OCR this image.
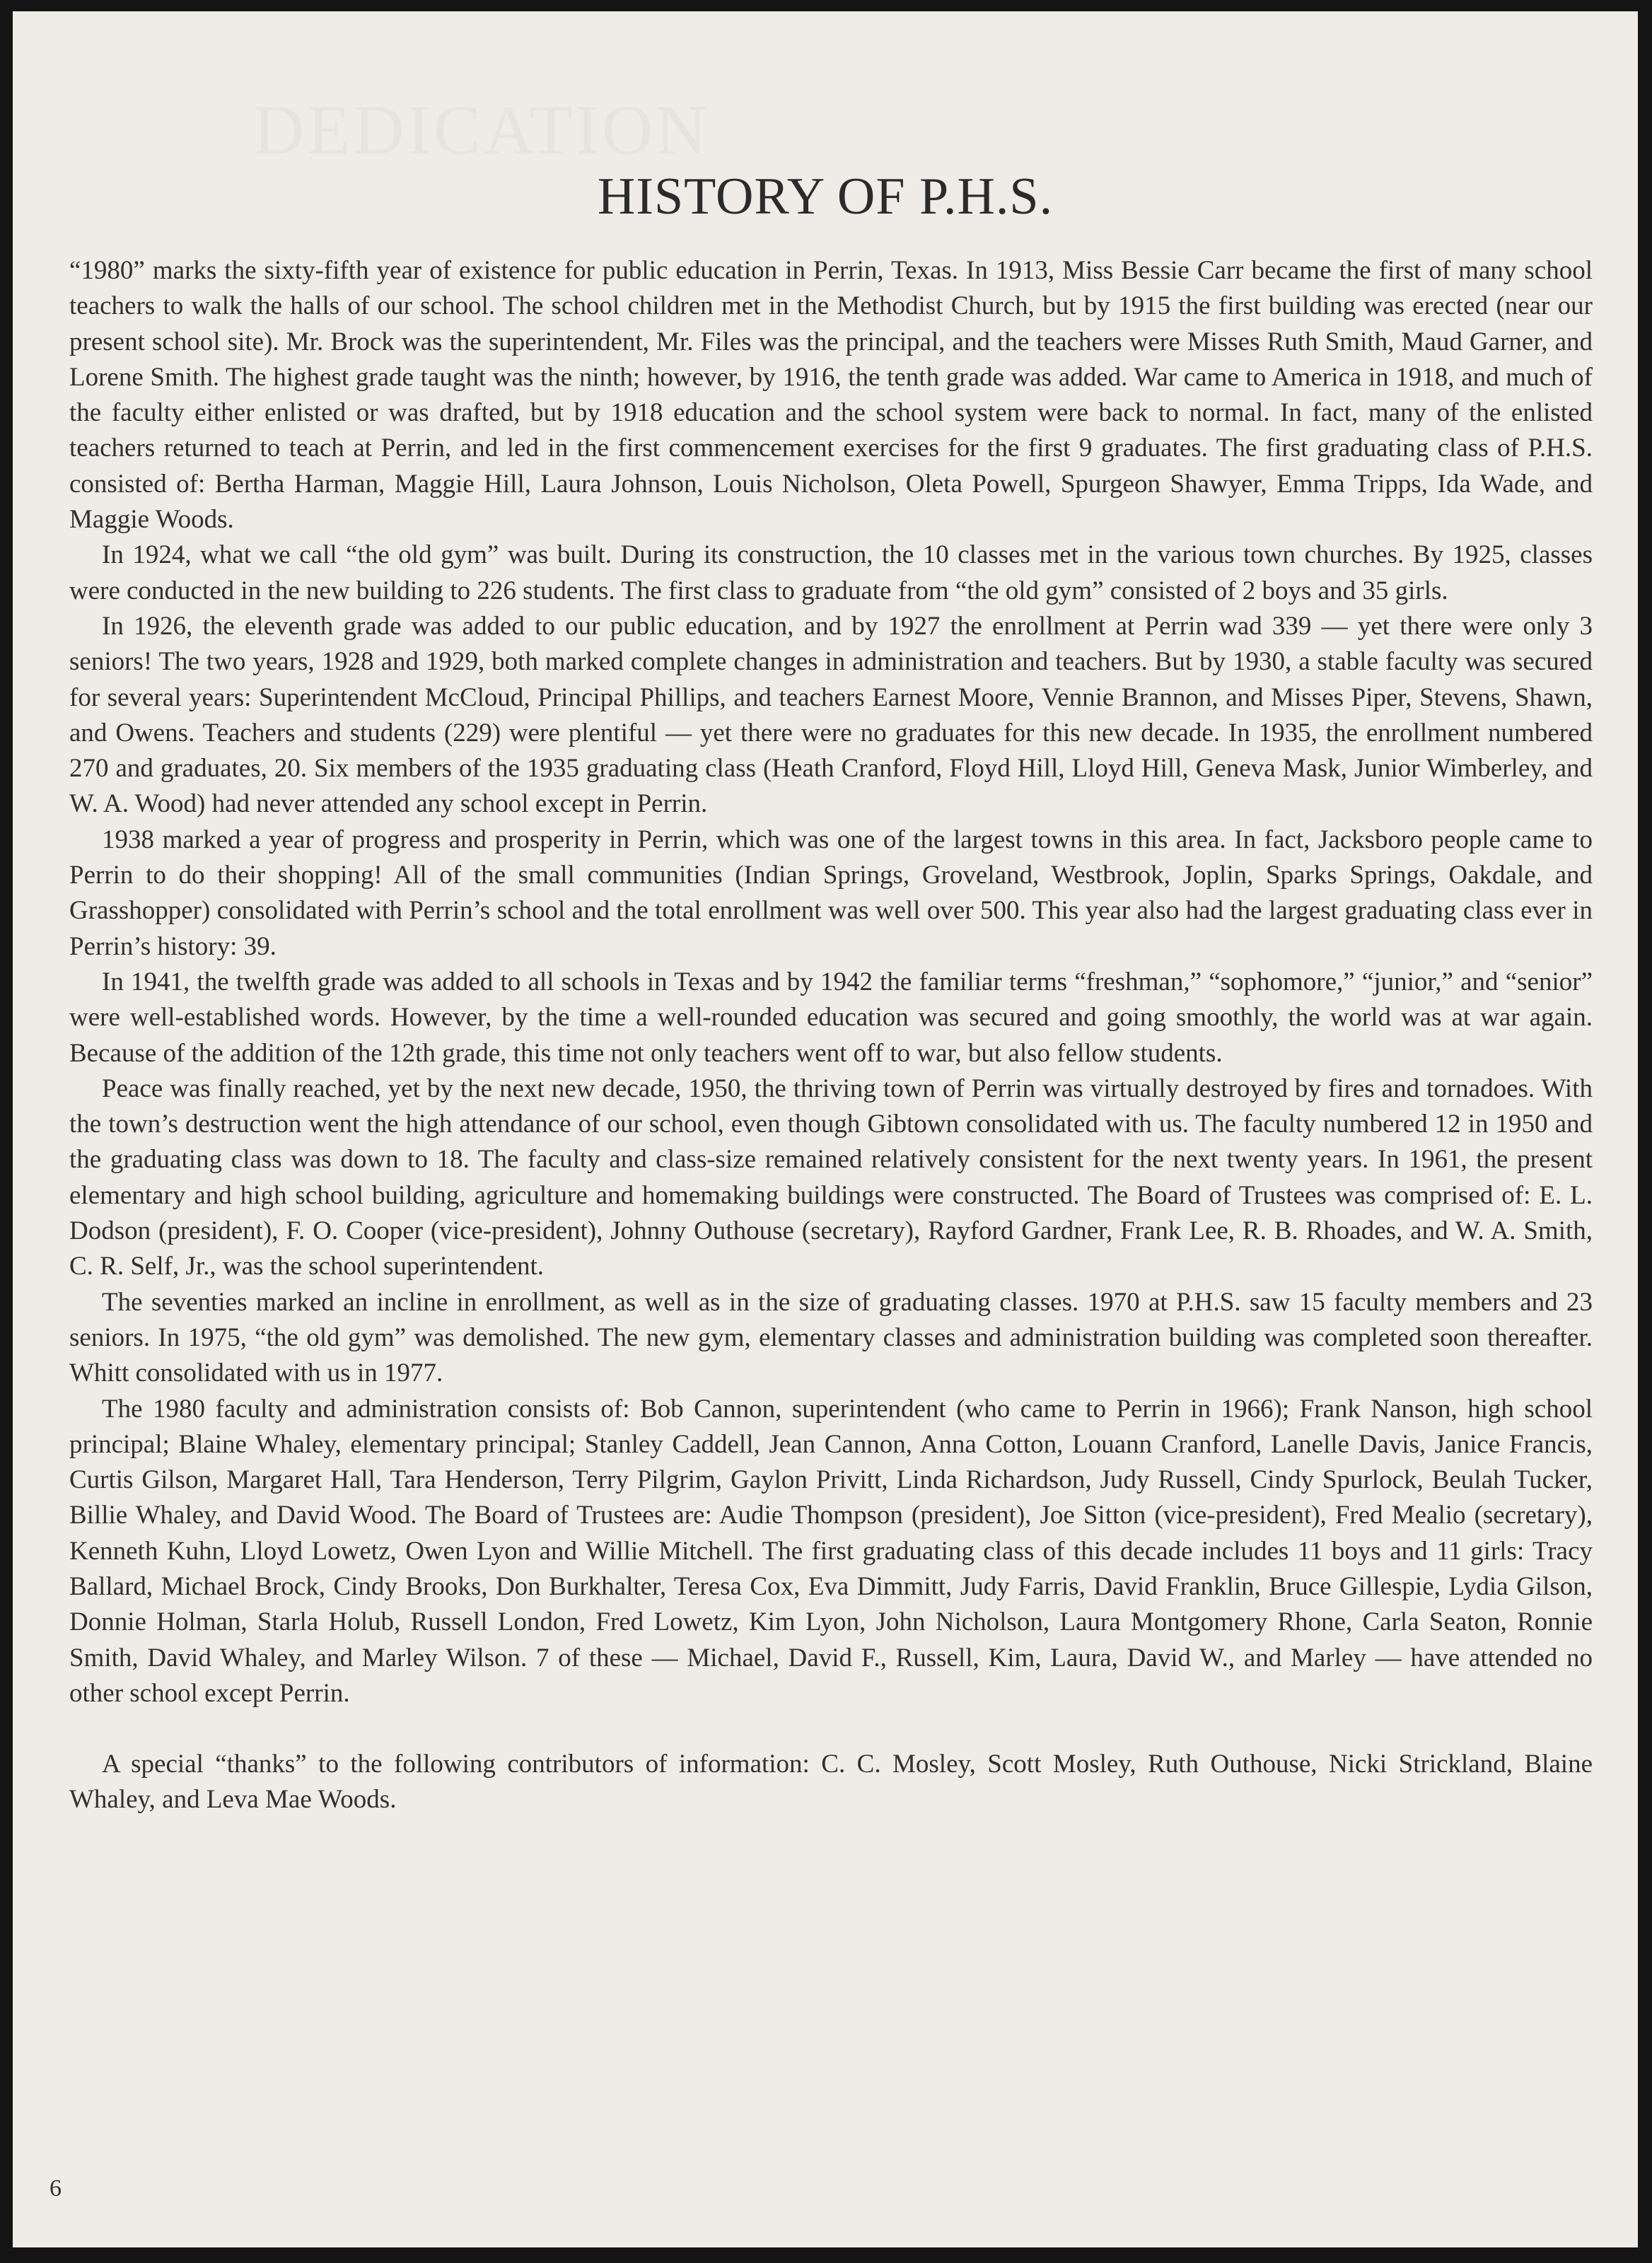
DEDICATION
HISTORY OF P.H.S.

“1980” marks the sixty-fifth year of existence for public education in Perrin, Texas. In 1913, Miss Bessie Carr became the first of many school teachers to walk the halls of our school. The school children met in the Methodist Church, but by 1915 the first building was erected (near our present school site). Mr. Brock was the superintendent, Mr. Files was the principal, and the teachers were Misses Ruth Smith, Maud Garner, and Lorene Smith. The highest grade taught was the ninth; however, by 1916, the tenth grade was added. War came to America in 1918, and much of the faculty either enlisted or was drafted, but by 1918 education and the school system were back to normal. In fact, many of the enlisted teachers returned to teach at Perrin, and led in the first commencement exercises for the first 9 graduates. The first graduating class of P.H.S. consisted of: Bertha Harman, Maggie Hill, Laura Johnson, Louis Nicholson, Oleta Powell, Spurgeon Shawyer, Emma Tripps, Ida Wade, and Maggie Woods.

In 1924, what we call “the old gym” was built. During its construction, the 10 classes met in the various town churches. By 1925, classes were conducted in the new building to 226 students. The first class to graduate from “the old gym” consisted of 2 boys and 35 girls.

In 1926, the eleventh grade was added to our public education, and by 1927 the enrollment at Perrin wad 339 — yet there were only 3 seniors! The two years, 1928 and 1929, both marked complete changes in administration and teachers. But by 1930, a stable faculty was secured for several years: Superintendent McCloud, Principal Phillips, and teachers Earnest Moore, Vennie Brannon, and Misses Piper, Stevens, Shawn, and Owens. Teachers and students (229) were plentiful — yet there were no graduates for this new decade. In 1935, the enrollment numbered 270 and graduates, 20. Six members of the 1935 graduating class (Heath Cranford, Floyd Hill, Lloyd Hill, Geneva Mask, Junior Wimberley, and W. A. Wood) had never attended any school except in Perrin.

1938 marked a year of progress and prosperity in Perrin, which was one of the largest towns in this area. In fact, Jacksboro people came to Perrin to do their shopping! All of the small communities (Indian Springs, Groveland, Westbrook, Joplin, Sparks Springs, Oakdale, and Grasshopper) consolidated with Perrin’s school and the total enrollment was well over 500. This year also had the largest graduating class ever in Perrin’s history: 39.

In 1941, the twelfth grade was added to all schools in Texas and by 1942 the familiar terms “freshman,” “sophomore,” “junior,” and “senior” were well-established words. However, by the time a well-rounded education was secured and going smoothly, the world was at war again. Because of the addition of the 12th grade, this time not only teachers went off to war, but also fellow students.

Peace was finally reached, yet by the next new decade, 1950, the thriving town of Perrin was virtually destroyed by fires and tornadoes. With the town’s destruction went the high attendance of our school, even though Gibtown consolidated with us. The faculty numbered 12 in 1950 and the graduating class was down to 18. The faculty and class-size remained relatively consistent for the next twenty years. In 1961, the present elementary and high school building, agriculture and homemaking buildings were constructed. The Board of Trustees was comprised of: E. L. Dodson (president), F. O. Cooper (vice-president), Johnny Outhouse (secretary), Rayford Gardner, Frank Lee, R. B. Rhoades, and W. A. Smith, C. R. Self, Jr., was the school superintendent.

The seventies marked an incline in enrollment, as well as in the size of graduating classes. 1970 at P.H.S. saw 15 faculty members and 23 seniors. In 1975, “the old gym” was demolished. The new gym, elementary classes and administration building was completed soon thereafter. Whitt consolidated with us in 1977.

The 1980 faculty and administration consists of: Bob Cannon, superintendent (who came to Perrin in 1966); Frank Nanson, high school principal; Blaine Whaley, elementary principal; Stanley Caddell, Jean Cannon, Anna Cotton, Louann Cranford, Lanelle Davis, Janice Francis, Curtis Gilson, Margaret Hall, Tara Henderson, Terry Pilgrim, Gaylon Privitt, Linda Richardson, Judy Russell, Cindy Spurlock, Beulah Tucker, Billie Whaley, and David Wood. The Board of Trustees are: Audie Thompson (president), Joe Sitton (vice-president), Fred Mealio (secretary), Kenneth Kuhn, Lloyd Lowetz, Owen Lyon and Willie Mitchell. The first graduating class of this decade includes 11 boys and 11 girls: Tracy Ballard, Michael Brock, Cindy Brooks, Don Burkhalter, Teresa Cox, Eva Dimmitt, Judy Farris, David Franklin, Bruce Gillespie, Lydia Gilson, Donnie Holman, Starla Holub, Russell London, Fred Lowetz, Kim Lyon, John Nicholson, Laura Montgomery Rhone, Carla Seaton, Ronnie Smith, David Whaley, and Marley Wilson. 7 of these — Michael, David F., Russell, Kim, Laura, David W., and Marley — have attended no other school except Perrin.

A special “thanks” to the following contributors of information: C. C. Mosley, Scott Mosley, Ruth Outhouse, Nicki Strickland, Blaine Whaley, and Leva Mae Woods.

6
